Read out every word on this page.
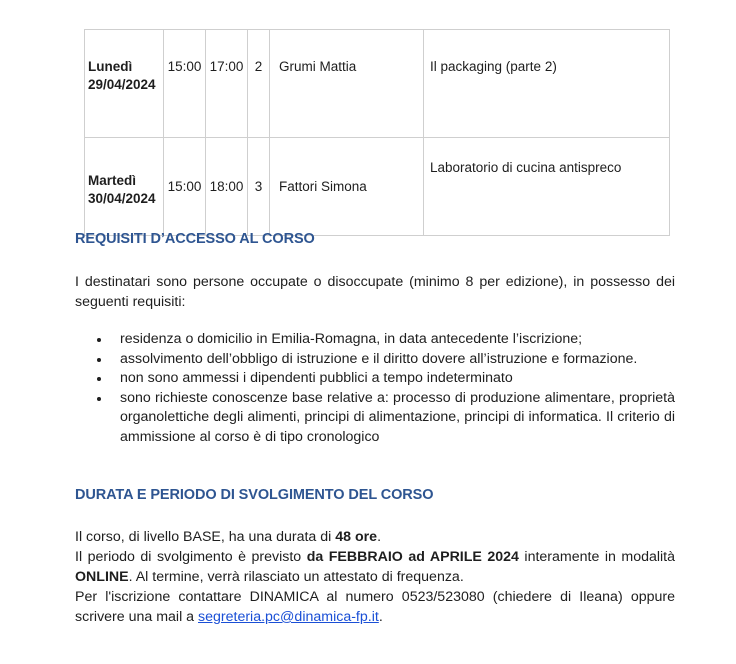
Lunedì
29/04/2024	15:00	17:00	2	Grumi Mattia	Il packaging (parte 2)

Martedì
30/04/2024	15:00	18:00	3	Fattori Simona	Laboratorio di cucina antispreco
REQUISITI D’ACCESSO AL CORSO
I destinatari sono persone occupate o disoccupate (minimo 8 per edizione), in possesso dei seguenti requisiti:
residenza o domicilio in Emilia-Romagna, in data antecedente l’iscrizione;
assolvimento dell’obbligo di istruzione e il diritto dovere all’istruzione e formazione.
non sono ammessi i dipendenti pubblici a tempo indeterminato
sono richieste conoscenze base relative a: processo di produzione alimentare, proprietà organolettiche degli alimenti, principi di alimentazione, principi di informatica. Il criterio di ammissione al corso è di tipo cronologico
DURATA E PERIODO DI SVOLGIMENTO DEL CORSO

Il corso, di livello BASE, ha una durata di 48 ore.

Il periodo di svolgimento è previsto da FEBBRAIO ad APRILE 2024 interamente in modalità ONLINE. Al termine, verrà rilasciato un attestato di frequenza.

Per l'iscrizione contattare DINAMICA al numero 0523/523080 (chiedere di Ileana) oppure scrivere una mail a segreteria.pc@dinamica-fp.it.
